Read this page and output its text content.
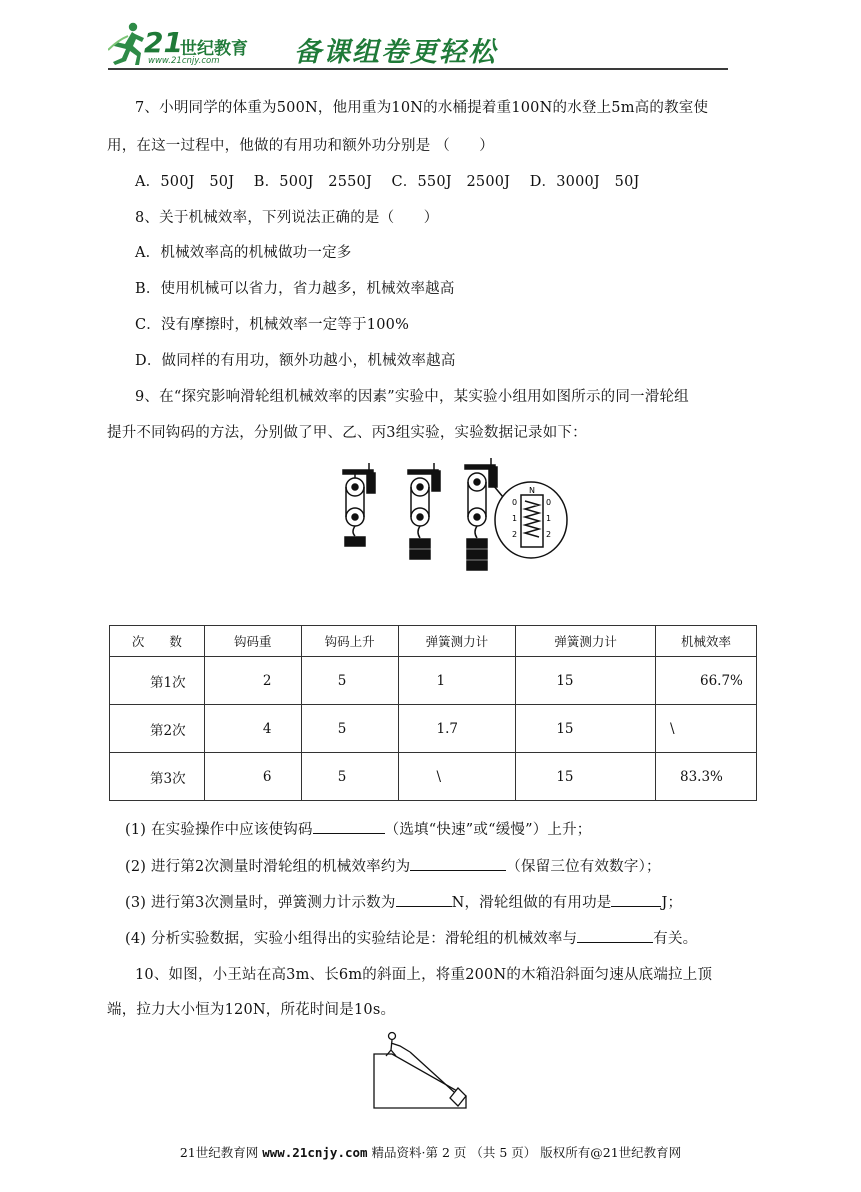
21
世纪教育
www.21cnjy.com	备课组卷更轻松
7、小明同学的体重为500N，他用重为10N的水桶提着重100N的水登上5m高的教室使
用，在这一过程中，他做的有用功和额外功分别是 （　　）
A．500J　50J　 B．500J　2550J　 C．550J　2500J　 D．3000J　50J
8、关于机械效率，下列说法正确的是（　　）
A．机械效率高的机械做功一定多
B．使用机械可以省力，省力越多，机械效率越高
C．没有摩擦时，机械效率一定等于100%
D．做同样的有用功，额外功越小，机械效率越高
9、在“探究影响滑轮组机械效率的因素”实验中，某实验小组用如图所示的同一滑轮组
提升不同钩码的方法，分别做了甲、乙、丙3组实验，实验数据记录如下：
0
1
2
0
1
2
N
次　　数	钩码重	钩码上升	弹簧测力计	弹簧测力计	机械效率
第1次	2	5	1	15	66.7%
第2次	4	5	1.7	15	\
第3次	6	5	\	15	83.3%
(1) 在实验操作中应该使钩码	（选填“快速”或“缓慢”）上升；
(2) 进行第2次测量时滑轮组的机械效率约为	（保留三位有效数字）；
(3) 进行第3次测量时，弹簧测力计示数为	N，滑轮组做的有用功是	J；
(4) 分析实验数据，实验小组得出的实验结论是：滑轮组的机械效率与	有关。
10、如图，小王站在高3m、长6m的斜面上，将重200N的木箱沿斜面匀速从底端拉上顶
端，拉力大小恒为120N，所花时间是10s。
21世纪教育网 www.21cnjy.com 精品资料·第 2 页 （共 5 页） 版权所有@21世纪教育网
